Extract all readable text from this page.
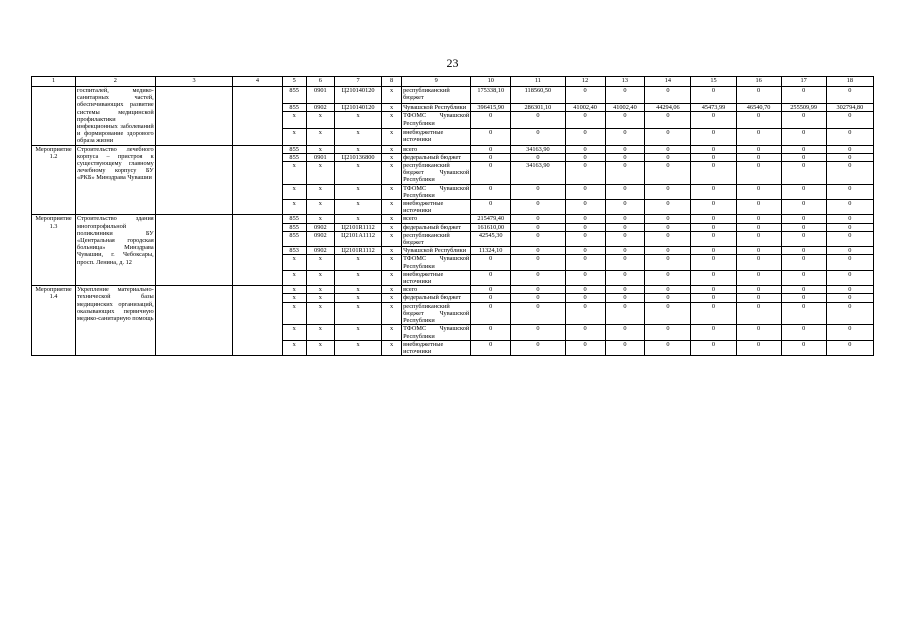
23
1	2	3	4	5	6	7	8	9	10	11	12	13	14	15	16	17	18
	госпиталей, медико-санитарных частей, обеспечивающих развитие системы медицинской профилактики инфекционных заболеваний и формирование здорового образа жизни			855	0901	Ц210140120	х	республиканский бюджет	175338,10	118560,50	0	0	0	0	0	0	0
				855	0902	Ц210140120	х	Чувашской Республики	396415,90	286301,10	41002,40	41002,40	44294,06	45473,99	46540,70	255509,99	302794,80
				х	х	х	х	ТФОМС Чувашской Республики	0	0	0	0	0	0	0	0	0
				х	х	х	х	внебюджетные источники	0	0	0	0	0	0	0	0	0
Мероприятие 1.2	Строительство лечебного корпуса – пристроя к существующему главному лечебному корпусу БУ «РКБ» Минздрава Чувашии			855	х	х	х	всего	0	34163,90	0	0	0	0	0	0	0
				855	0901	Ц210136800	х	федеральный бюджет	0	0	0	0	0	0	0	0	0
				х	х	х	х	республиканский бюджет Чувашской Республики	0	34163,90	0	0	0	0	0	0	0
				х	х	х	х	ТФОМС Чувашской Республики	0	0	0	0	0	0	0	0	0
				х	х	х	х	внебюджетные источники	0	0	0	0	0	0	0	0	0
Мероприятие 1.3	Строительство здания многопрофильной поликлиники БУ «Центральная городская больница» Минздрава Чувашии, г. Чебоксары, просп. Ленина, д. 12			855	х	х	х	всего	215479,40	0	0	0	0	0	0	0	0
				855	0902	Ц2101R1112	х	федеральный бюджет	161610,00	0	0	0	0	0	0	0	0
				855	0902	Ц2101А1112	х	республиканский бюджет	42545,30	0	0	0	0	0	0	0	0
				853	0902	Ц2101R1112	х	Чувашской Республики	11324,10	0	0	0	0	0	0	0	0
				х	х	х	х	ТФОМС Чувашской Республики	0	0	0	0	0	0	0	0	0
				х	х	х	х	внебюджетные источники	0	0	0	0	0	0	0	0	0
Мероприятие 1.4	Укрепление материально-технической базы медицинских организаций, оказывающих первичную медико-санитарную помощь			х	х	х	х	всего	0	0	0	0	0	0	0	0	0
				х	х	х	х	федеральный бюджет	0	0	0	0	0	0	0	0	0
				х	х	х	х	республиканский бюджет Чувашской Республики	0	0	0	0	0	0	0	0	0
				х	х	х	х	ТФОМС Чувашской Республики	0	0	0	0	0	0	0	0	0
				х	х	х	х	внебюджетные источники	0	0	0	0	0	0	0	0	0
